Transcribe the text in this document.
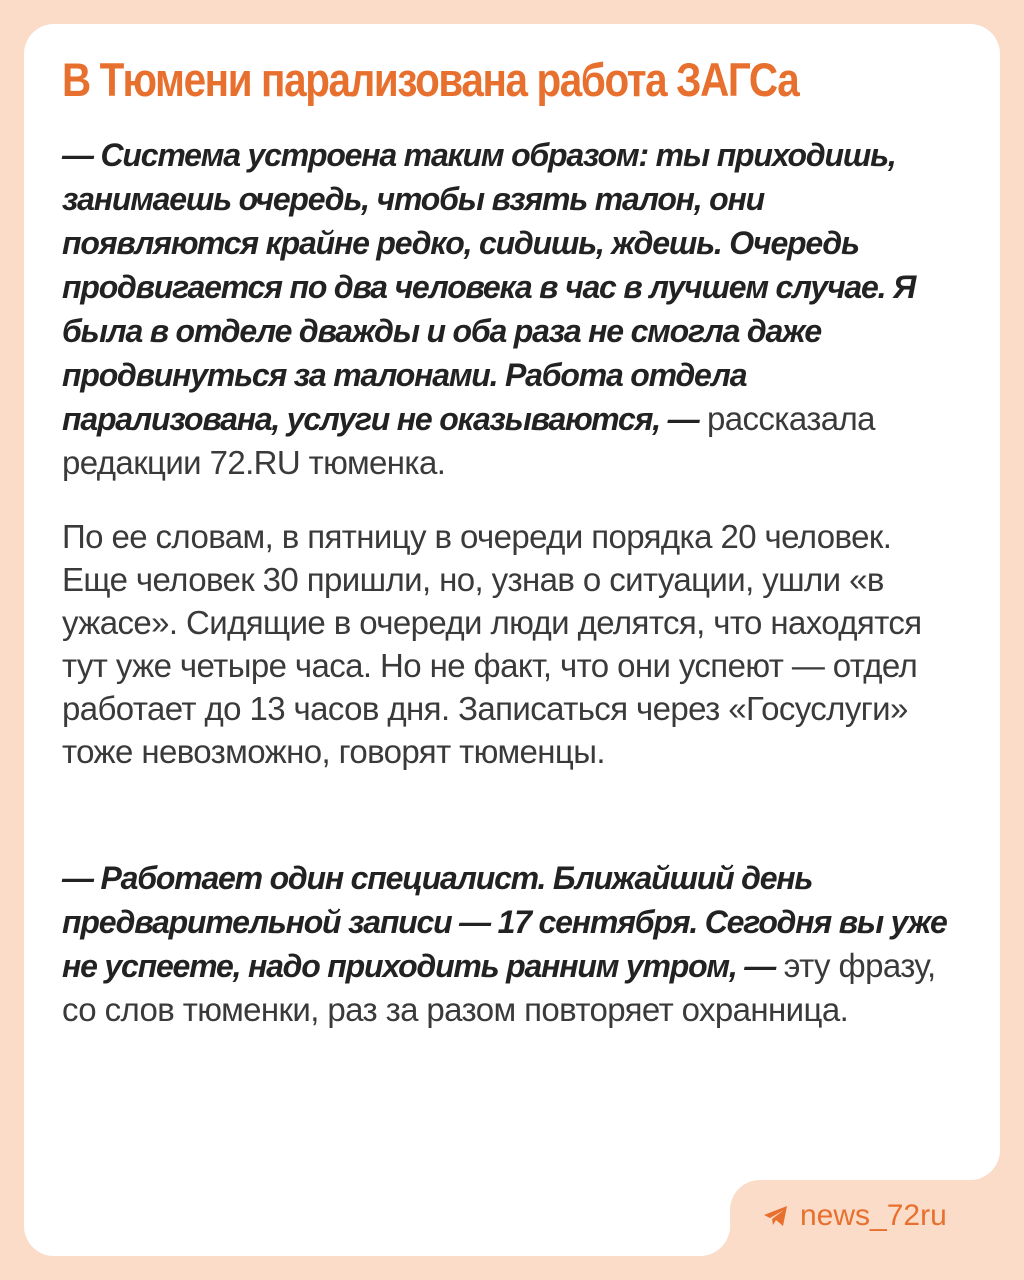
В Тюмени парализована работа ЗАГСа

— Система устроена таким образом: ты приходишь, занимаешь очередь, чтобы взять талон, они появляются крайне редко, сидишь, ждешь. Очередь продвигается по два человека в час в лучшем случае. Я была в отделе дважды и оба раза не смогла даже продвинуться за талонами. Работа отдела парализована, услуги не оказываются, — рассказала редакции 72.RU тюменка.

По ее словам, в пятницу в очереди порядка 20 человек. Еще человек 30 пришли, но, узнав о ситуации, ушли «в ужасе». Сидящие в очереди люди делятся, что находятся тут уже четыре часа. Но не факт, что они успеют — отдел работает до 13 часов дня. Записаться через «Госуслуги» тоже невозможно, говорят тюменцы.

— Работает один специалист. Ближайший день предварительной записи — 17 сентября. Сегодня вы уже не успеете, надо приходить ранним утром, — эту фразу, со слов тюменки, раз за разом повторяет охранница.

news_72ru
